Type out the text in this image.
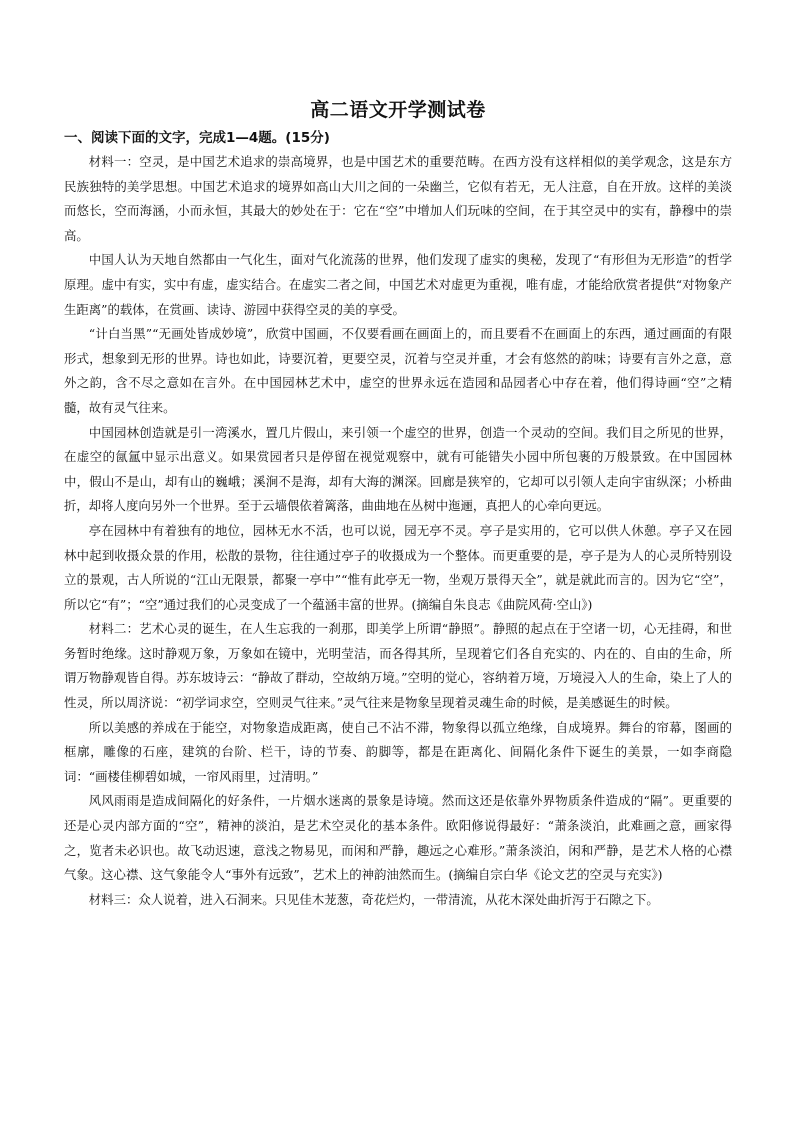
高二语文开学测试卷
一、阅读下面的文字，完成1—4题。(15分)

材料一：空灵，是中国艺术追求的崇高境界，也是中国艺术的重要范畴。在西方没有这样相似的美学观念，这是东方民族独特的美学思想。中国艺术追求的境界如高山大川之间的一朵幽兰，它似有若无，无人注意，自在开放。这样的美淡而悠长，空而海涵，小而永恒，其最大的妙处在于：它在“空”中增加人们玩味的空间，在于其空灵中的实有，静穆中的崇高。

中国人认为天地自然都由一气化生，面对气化流荡的世界，他们发现了虚实的奥秘，发现了“有形但为无形造”的哲学原理。虚中有实，实中有虚，虚实结合。在虚实二者之间，中国艺术对虚更为重视，唯有虚，才能给欣赏者提供“对物象产生距离”的载体，在赏画、读诗、游园中获得空灵的美的享受。

“计白当黑”“无画处皆成妙境”，欣赏中国画，不仅要看画在画面上的，而且要看不在画面上的东西，通过画面的有限形式，想象到无形的世界。诗也如此，诗要沉着，更要空灵，沉着与空灵并重，才会有悠然的韵味；诗要有言外之意，意外之韵，含不尽之意如在言外。在中国园林艺术中，虚空的世界永远在造园和品园者心中存在着，他们得诗画“空”之精髓，故有灵气往来。

中国园林创造就是引一湾溪水，置几片假山，来引领一个虚空的世界，创造一个灵动的空间。我们目之所见的世界，在虚空的氤氲中显示出意义。如果赏园者只是停留在视觉观察中，就有可能错失小园中所包裹的万般景致。在中国园林中，假山不是山，却有山的巍峨；溪涧不是海，却有大海的渊深。回廊是狭窄的，它却可以引领人走向宇宙纵深；小桥曲折，却将人度向另外一个世界。至于云墙偎依着篱落，曲曲地在丛树中迤逦，真把人的心牵向更远。

亭在园林中有着独有的地位，园林无水不活，也可以说，园无亭不灵。亭子是实用的，它可以供人休憩。亭子又在园林中起到收摄众景的作用，松散的景物，往往通过亭子的收摄成为一个整体。而更重要的是，亭子是为人的心灵所特别设立的景观，古人所说的“江山无限景，都聚一亭中”“惟有此亭无一物，坐观万景得天全”，就是就此而言的。因为它“空”，所以它“有”；“空”通过我们的心灵变成了一个蕴涵丰富的世界。(摘编自朱良志《曲院风荷·空山》)

材料二：艺术心灵的诞生，在人生忘我的一刹那，即美学上所谓“静照”。静照的起点在于空诸一切，心无挂碍，和世务暂时绝缘。这时静观万象，万象如在镜中，光明莹洁，而各得其所，呈现着它们各自充实的、内在的、自由的生命，所谓万物静观皆自得。苏东坡诗云：“静故了群动，空故纳万境。”空明的觉心，容纳着万境，万境浸入人的生命，染上了人的性灵，所以周济说：“初学词求空，空则灵气往来。”灵气往来是物象呈现着灵魂生命的时候，是美感诞生的时候。

所以美感的养成在于能空，对物象造成距离，使自己不沾不滞，物象得以孤立绝缘，自成境界。舞台的帘幕，图画的框廓，雕像的石座，建筑的台阶、栏干，诗的节奏、韵脚等，都是在距离化、间隔化条件下诞生的美景，一如李商隐词：“画楼佳柳碧如城，一帘风雨里，过清明。”

风风雨雨是造成间隔化的好条件，一片烟水迷离的景象是诗境。然而这还是依靠外界物质条件造成的“隔”。更重要的还是心灵内部方面的“空”，精神的淡泊，是艺术空灵化的基本条件。欧阳修说得最好：“萧条淡泊，此难画之意，画家得之，览者未必识也。故飞动迟速，意浅之物易见，而闲和严静，趣远之心难形。”萧条淡泊，闲和严静，是艺术人格的心襟气象。这心襟、这气象能令人“事外有远致”，艺术上的神韵油然而生。(摘编自宗白华《论文艺的空灵与充实》)

材料三：众人说着，进入石洞来。只见佳木茏葱，奇花烂灼，一带清流，从花木深处曲折泻于石隙之下。
